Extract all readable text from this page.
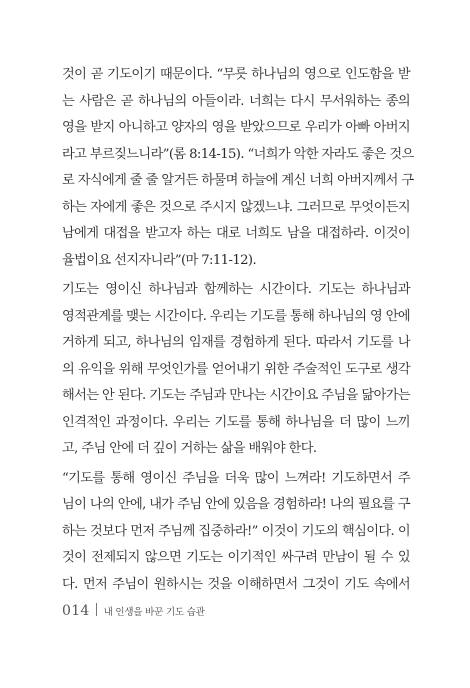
것이 곧 기도이기 때문이다. “무릇 하나님의 영으로 인도함을 받
는 사람은 곧 하나님의 아들이라. 너희는 다시 무서워하는 종의
영을 받지 아니하고 양자의 영을 받았으므로 우리가 아빠 아버지
라고 부르짖느니라”(롬 8:14-15). “너희가 악한 자라도 좋은 것으
로 자식에게 줄 줄 알거든 하물며 하늘에 계신 너희 아버지께서 구
하는 자에게 좋은 것으로 주시지 않겠느냐. 그러므로 무엇이든지
남에게 대접을 받고자 하는 대로 너희도 남을 대접하라. 이것이
율법이요 선지자니라”(마 7:11-12).
기도는 영이신 하나님과 함께하는 시간이다. 기도는 하나님과
영적관계를 맺는 시간이다. 우리는 기도를 통해 하나님의 영 안에
거하게 되고, 하나님의 임재를 경험하게 된다. 따라서 기도를 나
의 유익을 위해 무엇인가를 얻어내기 위한 주술적인 도구로 생각
해서는 안 된다. 기도는 주님과 만나는 시간이요 주님을 닮아가는
인격적인 과정이다. 우리는 기도를 통해 하나님을 더 많이 느끼
고, 주님 안에 더 깊이 거하는 삶을 배워야 한다.
“기도를 통해 영이신 주님을 더욱 많이 느껴라! 기도하면서 주
님이 나의 안에, 내가 주님 안에 있음을 경험하라! 나의 필요를 구
하는 것보다 먼저 주님께 집중하라!” 이것이 기도의 핵심이다. 이
것이 전제되지 않으면 기도는 이기적인 싸구려 만남이 될 수 있
다. 먼저 주님이 원하시는 것을 이해하면서 그것이 기도 속에서
014 내 인생을 바꾼 기도 습관
